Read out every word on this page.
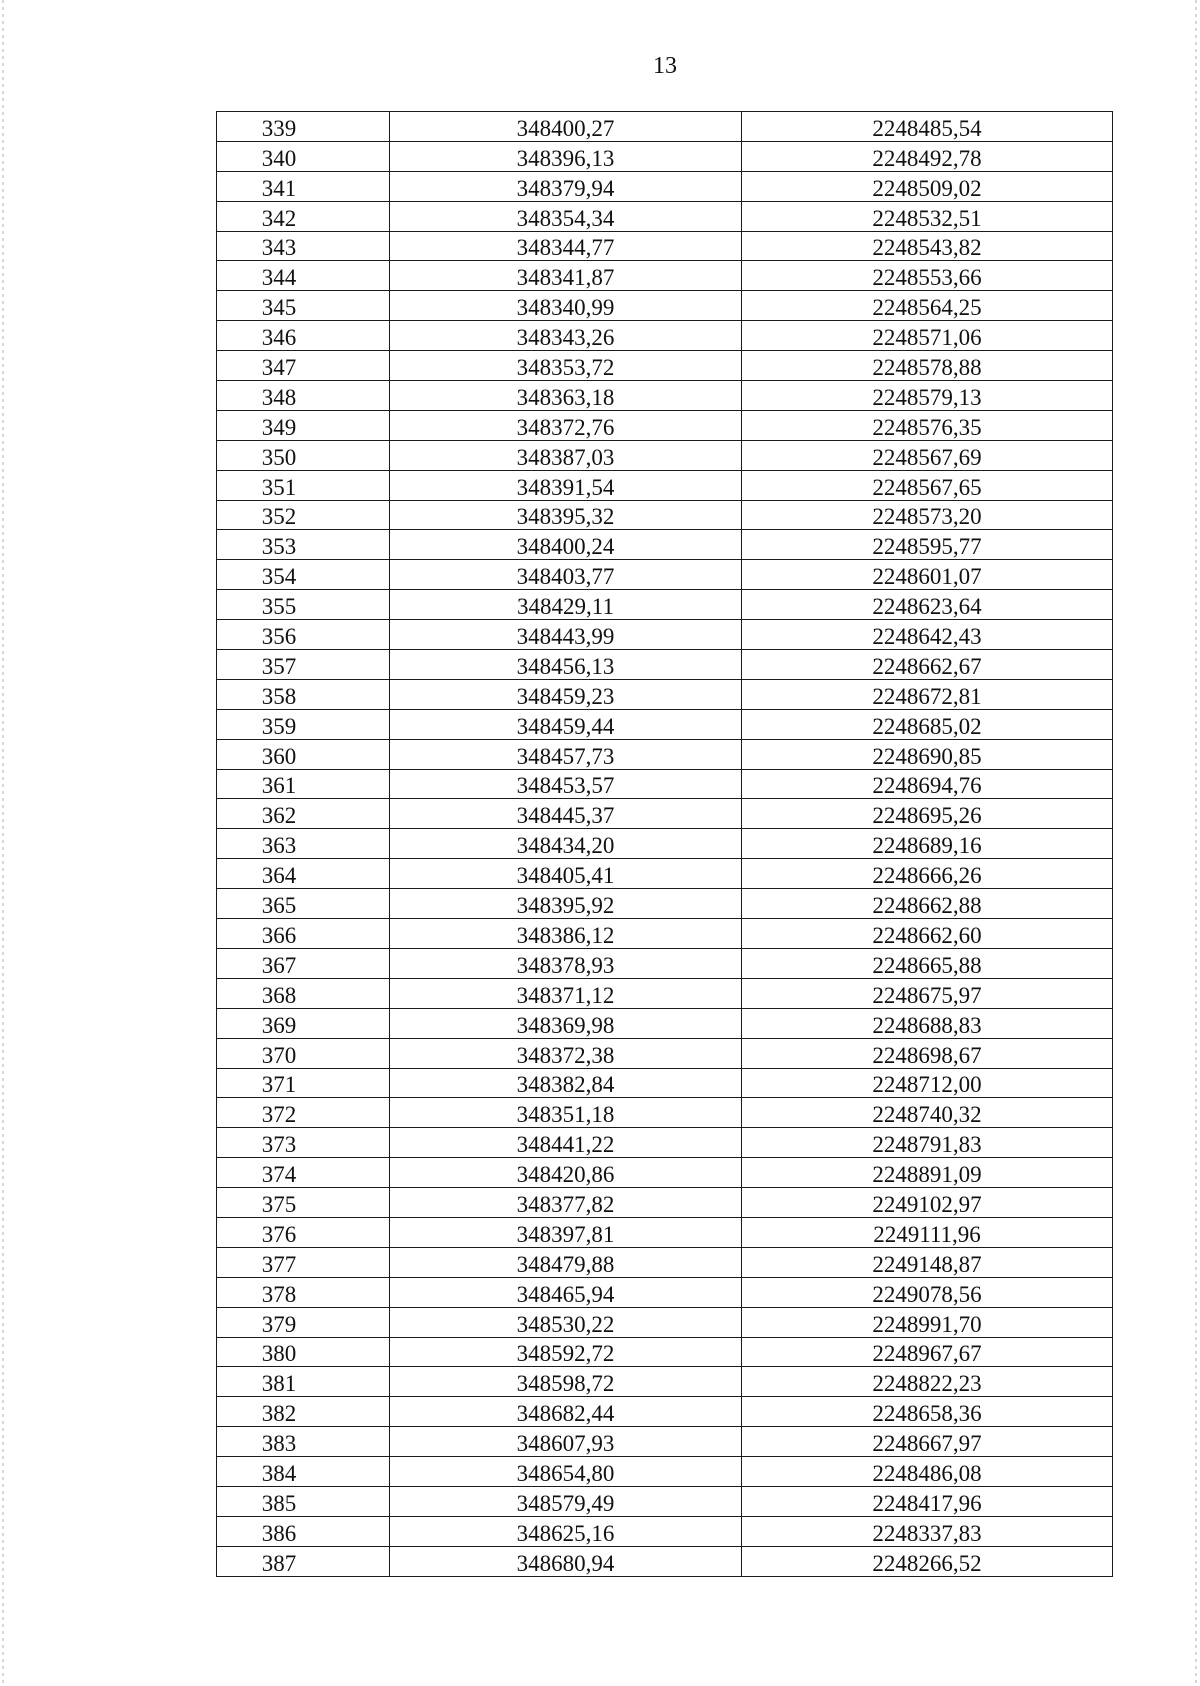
13
339	348400,27	2248485,54
340	348396,13	2248492,78
341	348379,94	2248509,02
342	348354,34	2248532,51
343	348344,77	2248543,82
344	348341,87	2248553,66
345	348340,99	2248564,25
346	348343,26	2248571,06
347	348353,72	2248578,88
348	348363,18	2248579,13
349	348372,76	2248576,35
350	348387,03	2248567,69
351	348391,54	2248567,65
352	348395,32	2248573,20
353	348400,24	2248595,77
354	348403,77	2248601,07
355	348429,11	2248623,64
356	348443,99	2248642,43
357	348456,13	2248662,67
358	348459,23	2248672,81
359	348459,44	2248685,02
360	348457,73	2248690,85
361	348453,57	2248694,76
362	348445,37	2248695,26
363	348434,20	2248689,16
364	348405,41	2248666,26
365	348395,92	2248662,88
366	348386,12	2248662,60
367	348378,93	2248665,88
368	348371,12	2248675,97
369	348369,98	2248688,83
370	348372,38	2248698,67
371	348382,84	2248712,00
372	348351,18	2248740,32
373	348441,22	2248791,83
374	348420,86	2248891,09
375	348377,82	2249102,97
376	348397,81	2249111,96
377	348479,88	2249148,87
378	348465,94	2249078,56
379	348530,22	2248991,70
380	348592,72	2248967,67
381	348598,72	2248822,23
382	348682,44	2248658,36
383	348607,93	2248667,97
384	348654,80	2248486,08
385	348579,49	2248417,96
386	348625,16	2248337,83
387	348680,94	2248266,52
